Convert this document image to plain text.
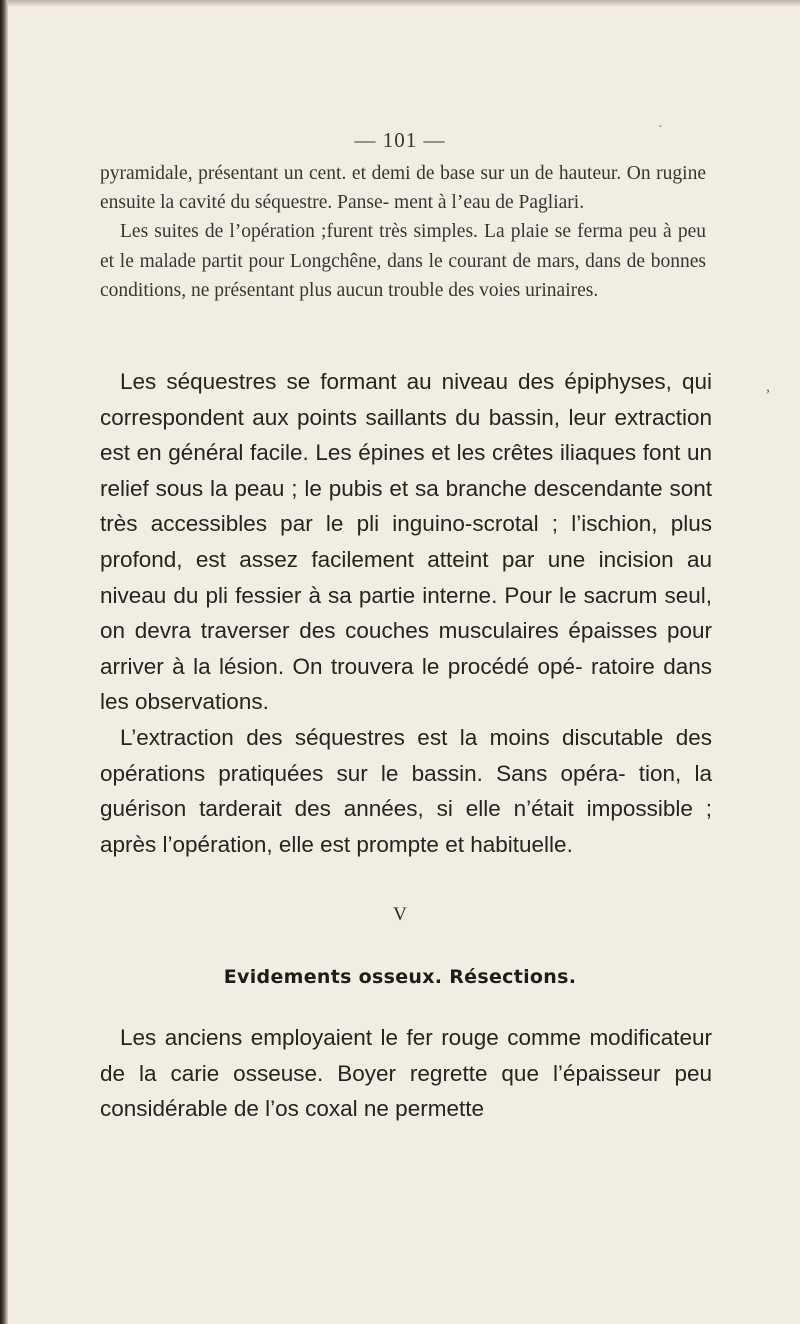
— 101 —

pyramidale, présentant un cent. et demi de base sur un de hauteur. On rugine ensuite la cavité du séquestre. Panse- ment à l’eau de Pagliari.

Les suites de l’opération ;furent très simples. La plaie se ferma peu à peu et le malade partit pour Longchêne, dans le courant de mars, dans de bonnes conditions, ne présentant plus aucun trouble des voies urinaires.

Les séquestres se formant au niveau des épiphyses, qui correspondent aux points saillants du bassin, leur extraction est en général facile. Les épines et les crêtes iliaques font un relief sous la peau ; le pubis et sa branche descendante sont très accessibles par le pli inguino-scrotal ; l’ischion, plus profond, est assez facilement atteint par une incision au niveau du pli fessier à sa partie interne. Pour le sacrum seul, on devra traverser des couches musculaires épaisses pour arriver à la lésion. On trouvera le procédé opé- ratoire dans les observations.

L’extraction des séquestres est la moins discutable des opérations pratiquées sur le bassin. Sans opéra- tion, la guérison tarderait des années, si elle n’était impossible ; après l’opération, elle est prompte et habituelle.

V
Evidements osseux. Résections.

Les anciens employaient le fer rouge comme modificateur de la carie osseuse. Boyer regrette que l’épaisseur peu considérable de l’os coxal ne permette

,
·
